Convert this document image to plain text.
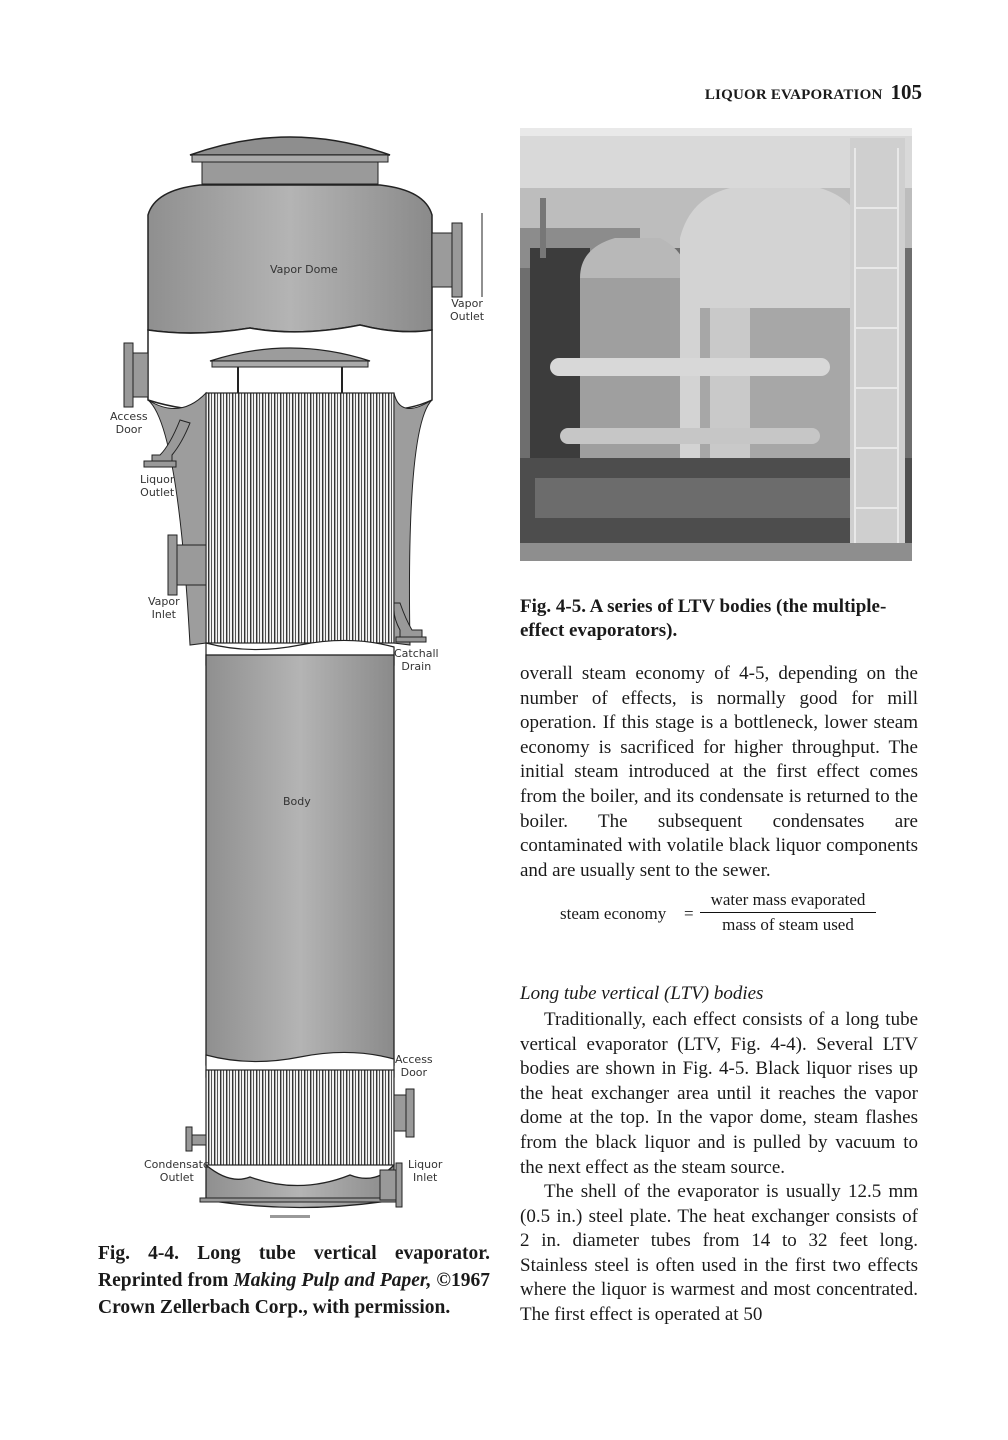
LIQUOR EVAPORATION 105
Vapor Dome
Vapor
Outlet
Access
Door
Liquor
Outlet
Vapor
Inlet
Catchall
Drain
Body
Access
Door
Condensate
Outlet
Liquor
Inlet
Fig. 4-4. Long tube vertical evaporator. Reprinted from Making Pulp and Paper, ©1967 Crown Zellerbach Corp., with permission.
Fig. 4-5. A series of LTV bodies (the multiple-effect evaporators).

overall steam economy of 4-5, depending on the number of effects, is normally good for mill operation. If this stage is a bottleneck, lower steam economy is sacrificed for higher throughput. The initial steam introduced at the first effect comes from the boiler, and its condensate is returned to the boiler. The subsequent condensates are contaminated with volatile black liquor components and are usually sent to the sewer.

steam economy =
water mass evaporated
mass of steam used
Long tube vertical (LTV) bodies

Traditionally, each effect consists of a long tube vertical evaporator (LTV, Fig. 4-4). Several LTV bodies are shown in Fig. 4-5. Black liquor rises up the heat exchanger area until it reaches the vapor dome at the top. In the vapor dome, steam flashes from the black liquor and is pulled by vacuum to the next effect as the steam source.

The shell of the evaporator is usually 12.5 mm (0.5 in.) steel plate. The heat exchanger consists of 2 in. diameter tubes from 14 to 32 feet long. Stainless steel is often used in the first two effects where the liquor is warmest and most concentrated. The first effect is operated at 50
